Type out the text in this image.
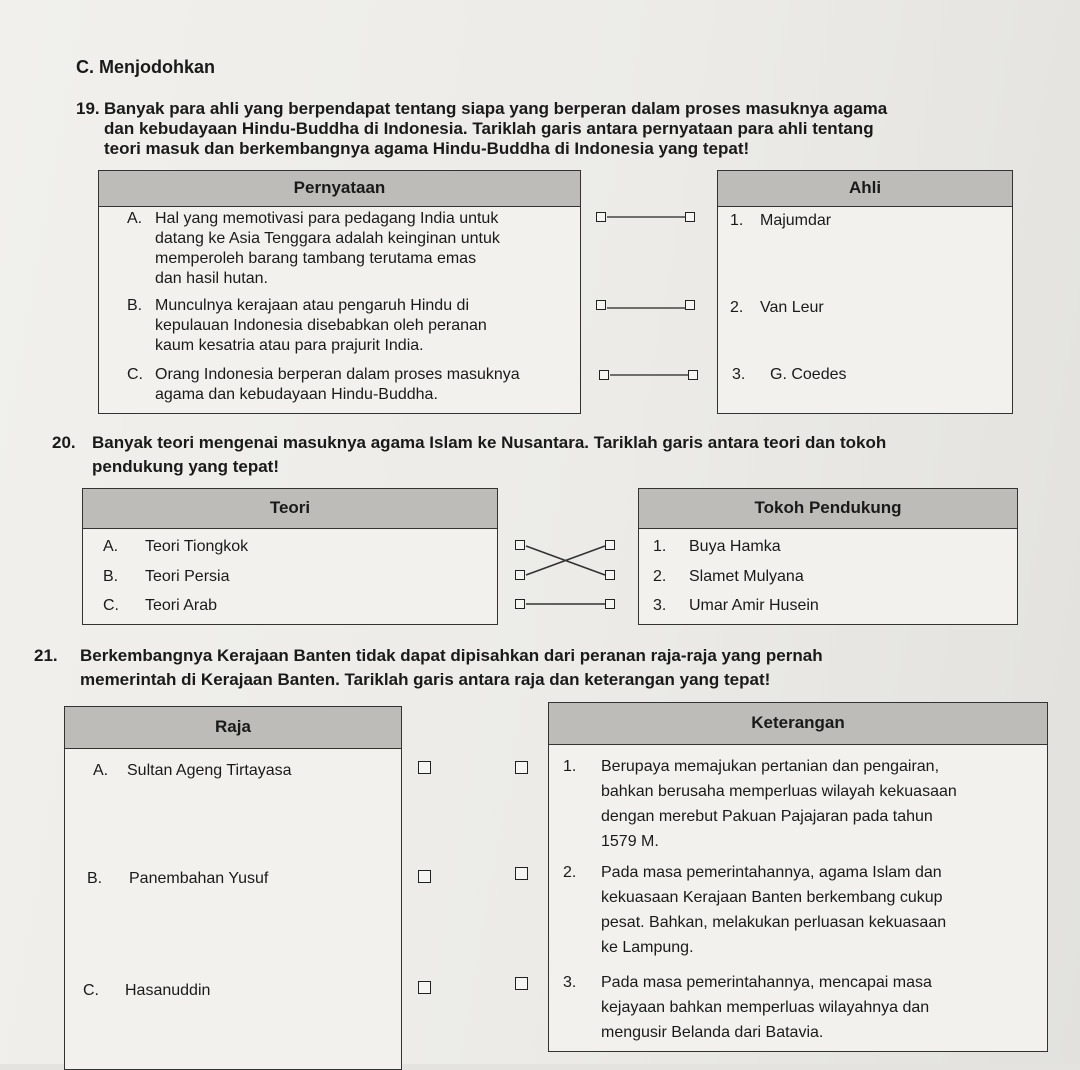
C. Menjodohkan
19. Banyak para ahli yang berpendapat tentang siapa yang berperan dalam proses masuknya agama
dan kebudayaan Hindu-Buddha di Indonesia. Tariklah garis antara pernyataan para ahli tentang
teori masuk dan berkembangnya agama Hindu-Buddha di Indonesia yang tepat!
Pernyataan
A. Hal yang memotivasi para pedagang India untuk
datang ke Asia Tenggara adalah keinginan untuk
memperoleh barang tambang terutama emas
dan hasil hutan.
B. Munculnya kerajaan atau pengaruh Hindu di
kepulauan Indonesia disebabkan oleh peranan
kaum kesatria atau para prajurit India.
C. Orang Indonesia berperan dalam proses masuknya
agama dan kebudayaan Hindu-Buddha.
Ahli
1. Majumdar
2. Van Leur
3. G. Coedes
20. Banyak teori mengenai masuknya agama Islam ke Nusantara. Tariklah garis antara teori dan tokoh
pendukung yang tepat!
Teori
A. Teori Tiongkok
B. Teori Persia
C. Teori Arab
Tokoh Pendukung
1. Buya Hamka
2. Slamet Mulyana
3. Umar Amir Husein
21. Berkembangnya Kerajaan Banten tidak dapat dipisahkan dari peranan raja-raja yang pernah
memerintah di Kerajaan Banten. Tariklah garis antara raja dan keterangan yang tepat!
Raja
A. Sultan Ageng Tirtayasa
B. Panembahan Yusuf
C. Hasanuddin
Keterangan
1. Berupaya memajukan pertanian dan pengairan,
bahkan berusaha memperluas wilayah kekuasaan
dengan merebut Pakuan Pajajaran pada tahun
1579 M.
2. Pada masa pemerintahannya, agama Islam dan
kekuasaan Kerajaan Banten berkembang cukup
pesat. Bahkan, melakukan perluasan kekuasaan
ke Lampung.
3. Pada masa pemerintahannya, mencapai masa
kejayaan bahkan memperluas wilayahnya dan
mengusir Belanda dari Batavia.
